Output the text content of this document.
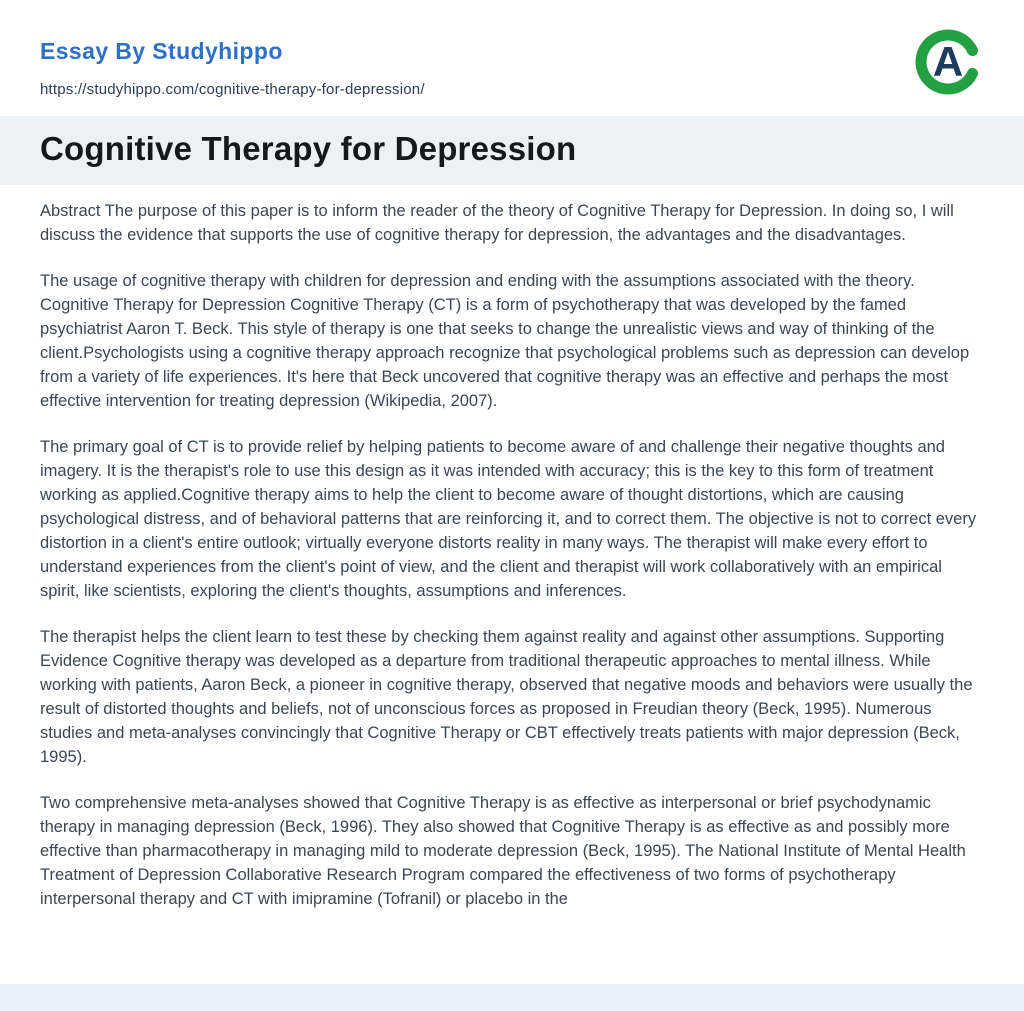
Essay By Studyhippo
https://studyhippo.com/cognitive-therapy-for-depression/
A
Cognitive Therapy for Depression

Abstract The purpose of this paper is to inform the reader of the theory of Cognitive Therapy for Depression. In doing so, I will discuss the evidence that supports the use of cognitive therapy for depression, the advantages and the disadvantages.

The usage of cognitive therapy with children for depression and ending with the assumptions associated with the theory. Cognitive Therapy for Depression Cognitive Therapy (CT) is a form of psychotherapy that was developed by the famed psychiatrist Aaron T. Beck. This style of therapy is one that seeks to change the unrealistic views and way of thinking of the client.Psychologists using a cognitive therapy approach recognize that psychological problems such as depression can develop from a variety of life experiences. It's here that Beck uncovered that cognitive therapy was an effective and perhaps the most effective intervention for treating depression (Wikipedia, 2007).

The primary goal of CT is to provide relief by helping patients to become aware of and challenge their negative thoughts and imagery. It is the therapist's role to use this design as it was intended with accuracy; this is the key to this form of treatment working as applied.Cognitive therapy aims to help the client to become aware of thought distortions, which are causing psychological distress, and of behavioral patterns that are reinforcing it, and to correct them. The objective is not to correct every distortion in a client's entire outlook; virtually everyone distorts reality in many ways. The therapist will make every effort to understand experiences from the client's point of view, and the client and therapist will work collaboratively with an empirical spirit, like scientists, exploring the client's thoughts, assumptions and inferences.

The therapist helps the client learn to test these by checking them against reality and against other assumptions. Supporting Evidence Cognitive therapy was developed as a departure from traditional therapeutic approaches to mental illness. While working with patients, Aaron Beck, a pioneer in cognitive therapy, observed that negative moods and behaviors were usually the result of distorted thoughts and beliefs, not of unconscious forces as proposed in Freudian theory (Beck, 1995). Numerous studies and meta-analyses convincingly that Cognitive Therapy or CBT effectively treats patients with major depression (Beck, 1995).

Two comprehensive meta-analyses showed that Cognitive Therapy is as effective as interpersonal or brief psychodynamic therapy in managing depression (Beck, 1996). They also showed that Cognitive Therapy is as effective as and possibly more effective than pharmacotherapy in managing mild to moderate depression (Beck, 1995). The National Institute of Mental Health Treatment of Depression Collaborative Research Program compared the effectiveness of two forms of psychotherapy interpersonal therapy and CT with imipramine (Tofranil) or placebo in the
